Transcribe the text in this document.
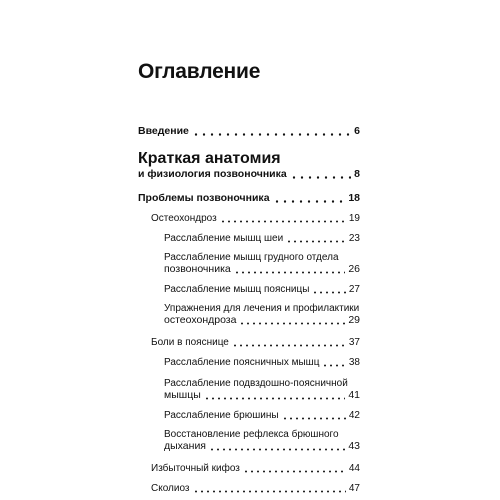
Оглавление
Введение	6
Краткая анатомия
и физиология позвоночника	8
Проблемы позвоночника	18
Остеохондроз	19
Расслабление мышц шеи	23
Расслабление мышц грудного отдела
позвоночника	26
Расслабление мышц поясницы	27
Упражнения для лечения и профилактики
остеохондроза	29
Боли в пояснице	37
Расслабление поясничных мышц	38
Расслабление подвздошно-поясничной
мышцы	41
Расслабление брюшины	42
Восстановление рефлекса брюшного
дыхания	43
Избыточный кифоз	44
Сколиоз	47
